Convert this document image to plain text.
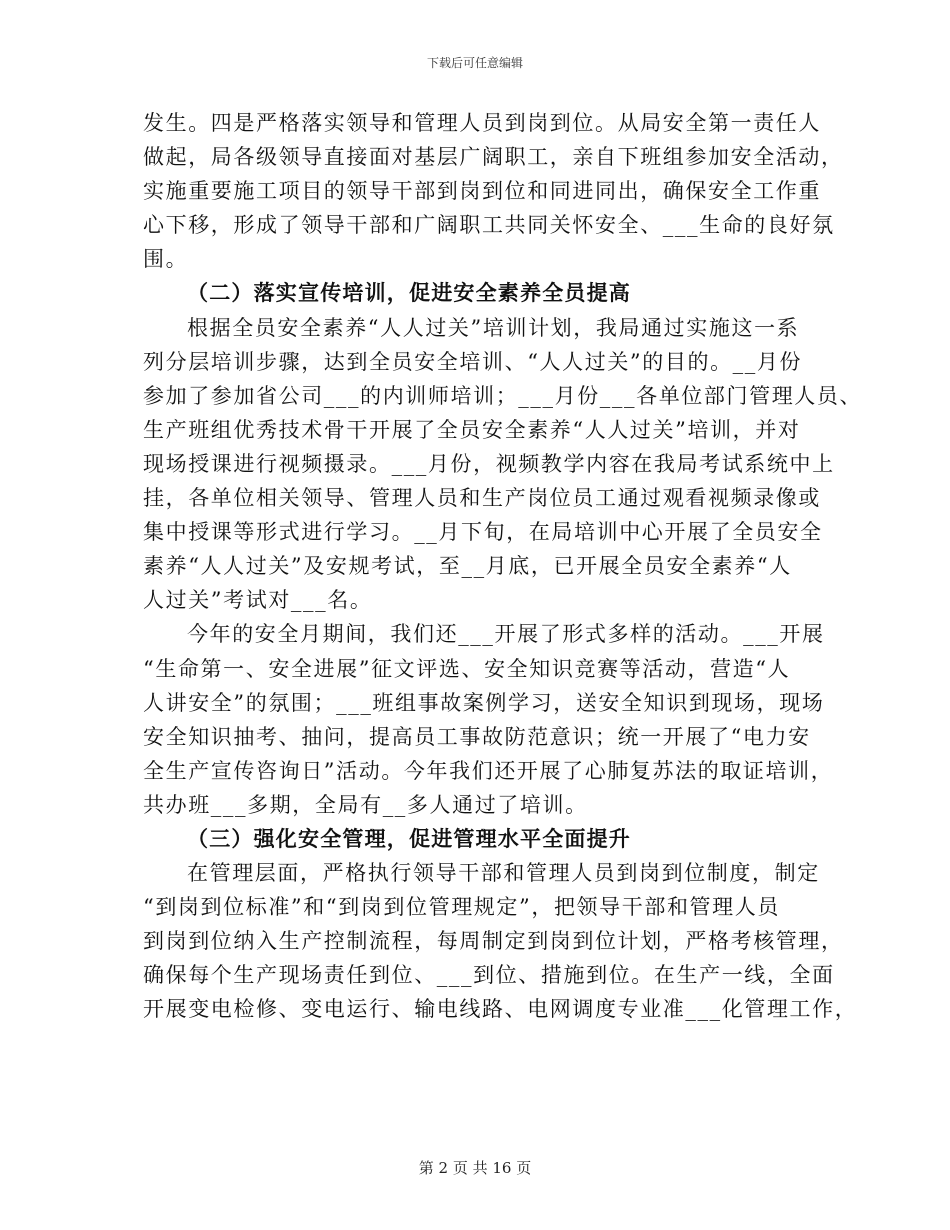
下载后可任意编辑
发生。四是严格落实领导和管理人员到岗到位。从局安全第一责任人
做起，局各级领导直接面对基层广阔职工，亲自下班组参加安全活动，
实施重要施工项目的领导干部到岗到位和同进同出，确保安全工作重
心下移，形成了领导干部和广阔职工共同关怀安全、___生命的良好氛
围。
（二）落实宣传培训，促进安全素养全员提高
根据全员安全素养“人人过关”培训计划，我局通过实施这一系
列分层培训步骤，达到全员安全培训、“人人过关”的目的。__月份
参加了参加省公司___的内训师培训；___月份___各单位部门管理人员、
生产班组优秀技术骨干开展了全员安全素养“人人过关”培训，并对
现场授课进行视频摄录。___月份，视频教学内容在我局考试系统中上
挂，各单位相关领导、管理人员和生产岗位员工通过观看视频录像或
集中授课等形式进行学习。__月下旬，在局培训中心开展了全员安全
素养“人人过关”及安规考试，至__月底，已开展全员安全素养“人
人过关”考试对___名。
今年的安全月期间，我们还___开展了形式多样的活动。___开展
“生命第一、安全进展”征文评选、安全知识竞赛等活动，营造“人
人讲安全”的氛围；___班组事故案例学习，送安全知识到现场，现场
安全知识抽考、抽问，提高员工事故防范意识；统一开展了“电力安
全生产宣传咨询日”活动。今年我们还开展了心肺复苏法的取证培训，
共办班___多期，全局有__多人通过了培训。
（三）强化安全管理，促进管理水平全面提升
在管理层面，严格执行领导干部和管理人员到岗到位制度，制定
“到岗到位标准”和“到岗到位管理规定”，把领导干部和管理人员
到岗到位纳入生产控制流程，每周制定到岗到位计划，严格考核管理，
确保每个生产现场责任到位、___到位、措施到位。在生产一线，全面
开展变电检修、变电运行、输电线路、电网调度专业准___化管理工作，
第 2 页 共 16 页
